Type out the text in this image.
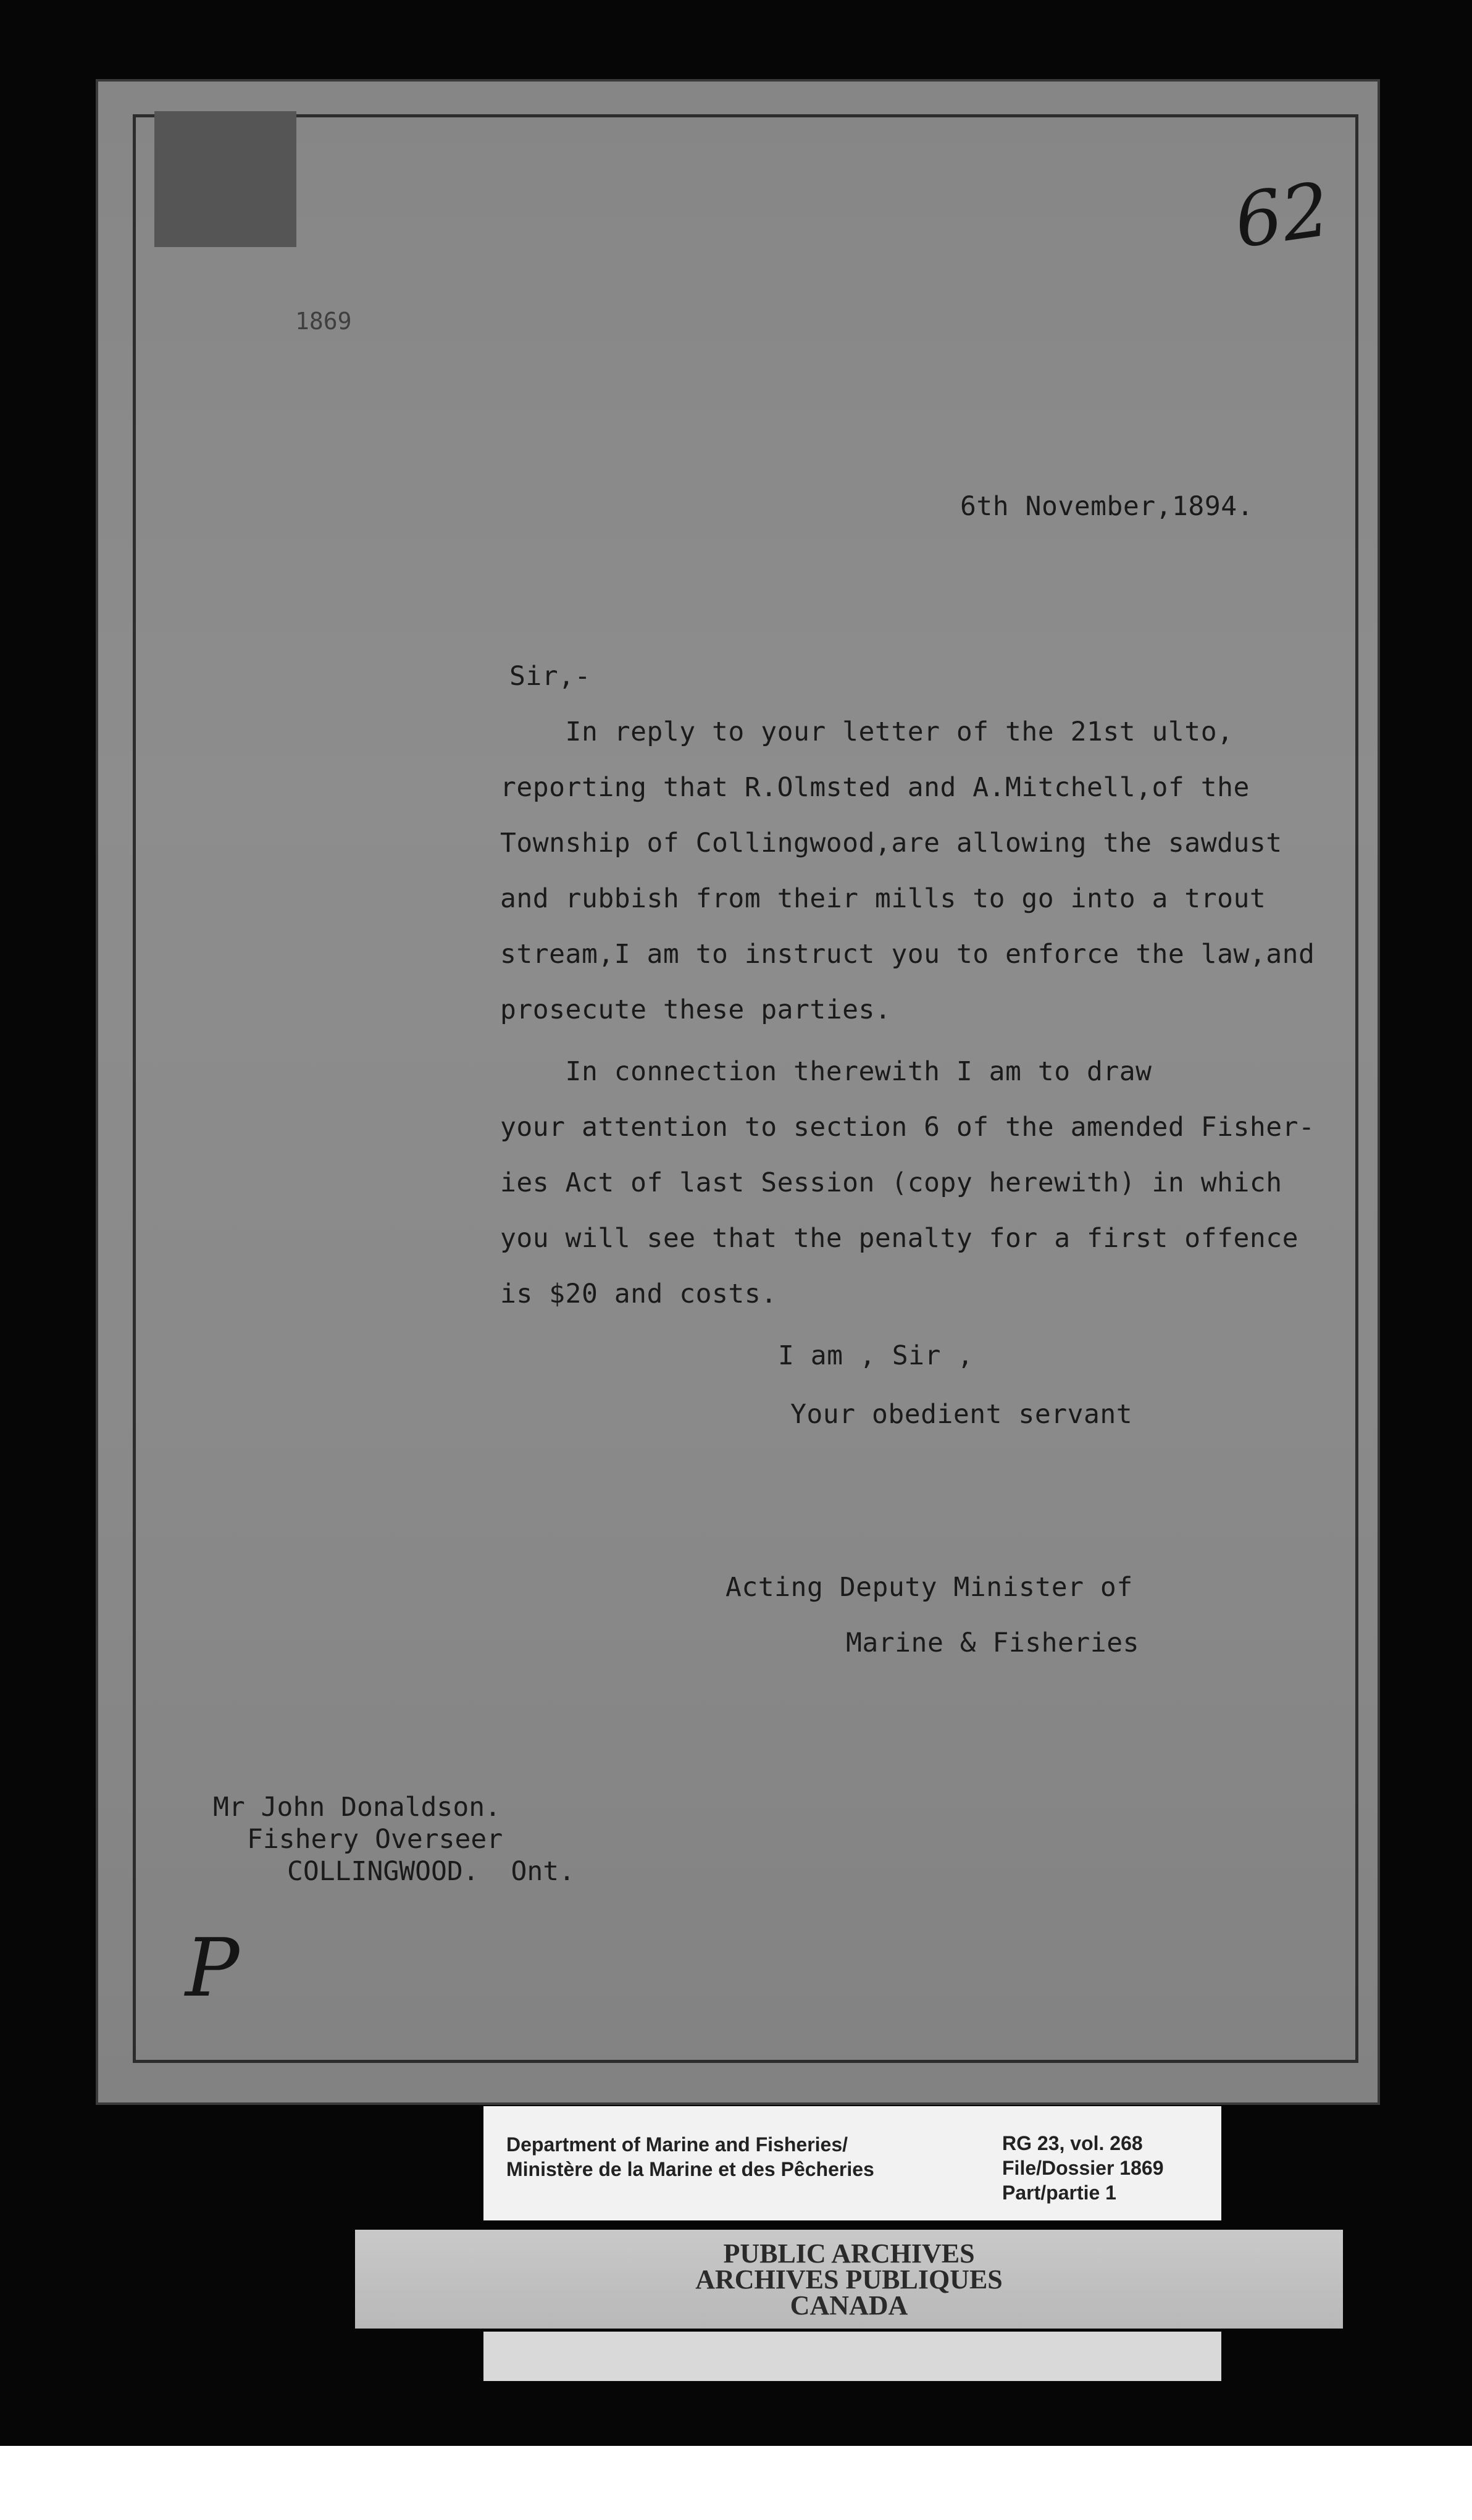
1869
62
6th November,1894.
Sir,-
In reply to your letter of the 21st ulto,
reporting that R.Olmsted and A.Mitchell,of the
Township of Collingwood,are allowing the sawdust
and rubbish from their mills to go into a trout
stream,I am to instruct you to enforce the law,and
prosecute these parties.
In connection therewith I am to draw
your attention to section 6 of the amended Fisher-
ies Act of last Session (copy herewith) in which
you will see that the penalty for a first offence
is $20 and costs.
I am , Sir ,
Your obedient servant
Acting Deputy Minister of
Marine & Fisheries
Mr John Donaldson.
Fishery Overseer
COLLINGWOOD. Ont.
P
Department of Marine and Fisheries/
Ministère de la Marine et des Pêcheries
RG 23, vol. 268
File/Dossier 1869
Part/partie 1
PUBLIC ARCHIVES
ARCHIVES PUBLIQUES
CANADA
